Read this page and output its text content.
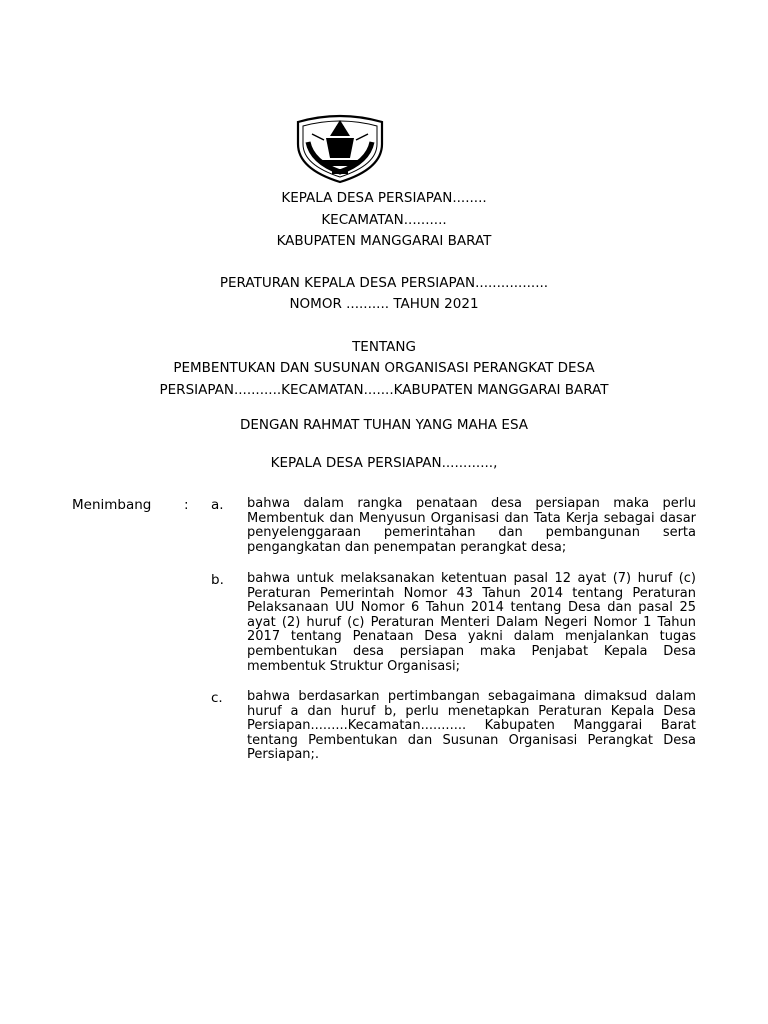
KEPALA DESA PERSIAPAN........
KECAMATAN..........
KABUPATEN MANGGARAI BARAT
PERATURAN KEPALA DESA PERSIAPAN.................
NOMOR .......... TAHUN 2021
TENTANG
PEMBENTUKAN DAN SUSUNAN ORGANISASI PERANGKAT DESA
PERSIAPAN...........KECAMATAN.......KABUPATEN MANGGARAI BARAT
DENGAN RAHMAT TUHAN YANG MAHA ESA
KEPALA DESA PERSIAPAN............,
Menimbang : a. bahwa dalam rangka penataan desa persiapan maka perlu Membentuk dan Menyusun Organisasi dan Tata Kerja sebagai dasar penyelenggaraan pemerintahan dan pembangunan serta pengangkatan dan penempatan perangkat desa;
b. bahwa untuk melaksanakan ketentuan pasal 12 ayat (7) huruf (c) Peraturan Pemerintah Nomor 43 Tahun 2014 tentang Peraturan Pelaksanaan UU Nomor 6 Tahun 2014 tentang Desa dan pasal 25 ayat (2) huruf (c) Peraturan Menteri Dalam Negeri Nomor 1 Tahun 2017 tentang Penataan Desa yakni dalam menjalankan tugas pembentukan desa persiapan maka Penjabat Kepala Desa membentuk Struktur Organisasi;
c. bahwa berdasarkan pertimbangan sebagaimana dimaksud dalam huruf a dan huruf b, perlu menetapkan Peraturan Kepala Desa Persiapan.........Kecamatan........... Kabupaten Manggarai Barat tentang Pembentukan dan Susunan Organisasi Perangkat Desa Persiapan;.
